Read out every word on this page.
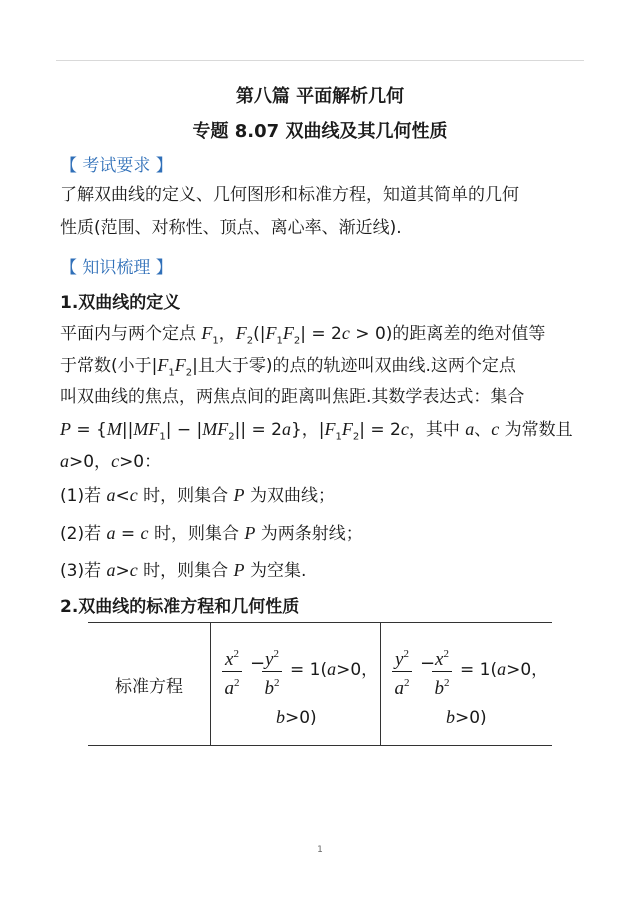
第八篇 平面解析几何
专题 8.07 双曲线及其几何性质
【 考试要求 】
了解双曲线的定义、几何图形和标准方程，知道其简单的几何
性质(范围、对称性、顶点、离心率、渐近线).
【 知识梳理 】
1.双曲线的定义
平面内与两个定点 $F_1$，$F_2(|F_1F_2| = 2c > 0)$的距离差的绝对值等
于常数(小于$|F_1F_2|$且大于零)的点的轨迹叫双曲线.这两个定点
叫双曲线的焦点，两焦点间的距离叫焦距.其数学表达式：集合
$P = \{M||MF_1| - |MF_2|| = 2a\}$，$|F_1F_2| = 2c$，其中 a、c 为常数且
a>0，c>0：
(1)若 a<c 时，则集合 P 为双曲线；
(2)若 a = c 时，则集合 P 为两条射线；
(3)若 a>c 时，则集合 P 为空集.
2.双曲线的标准方程和几何性质
标准方程	$\frac{x^2}{a^2}$ −
$\frac{y^2}{b^2} = 1(a>0$，
b>0)
$\frac{y^2}{a^2}$ −
$\frac{x^2}{b^2} = 1(a>0$，
b>0)
1
